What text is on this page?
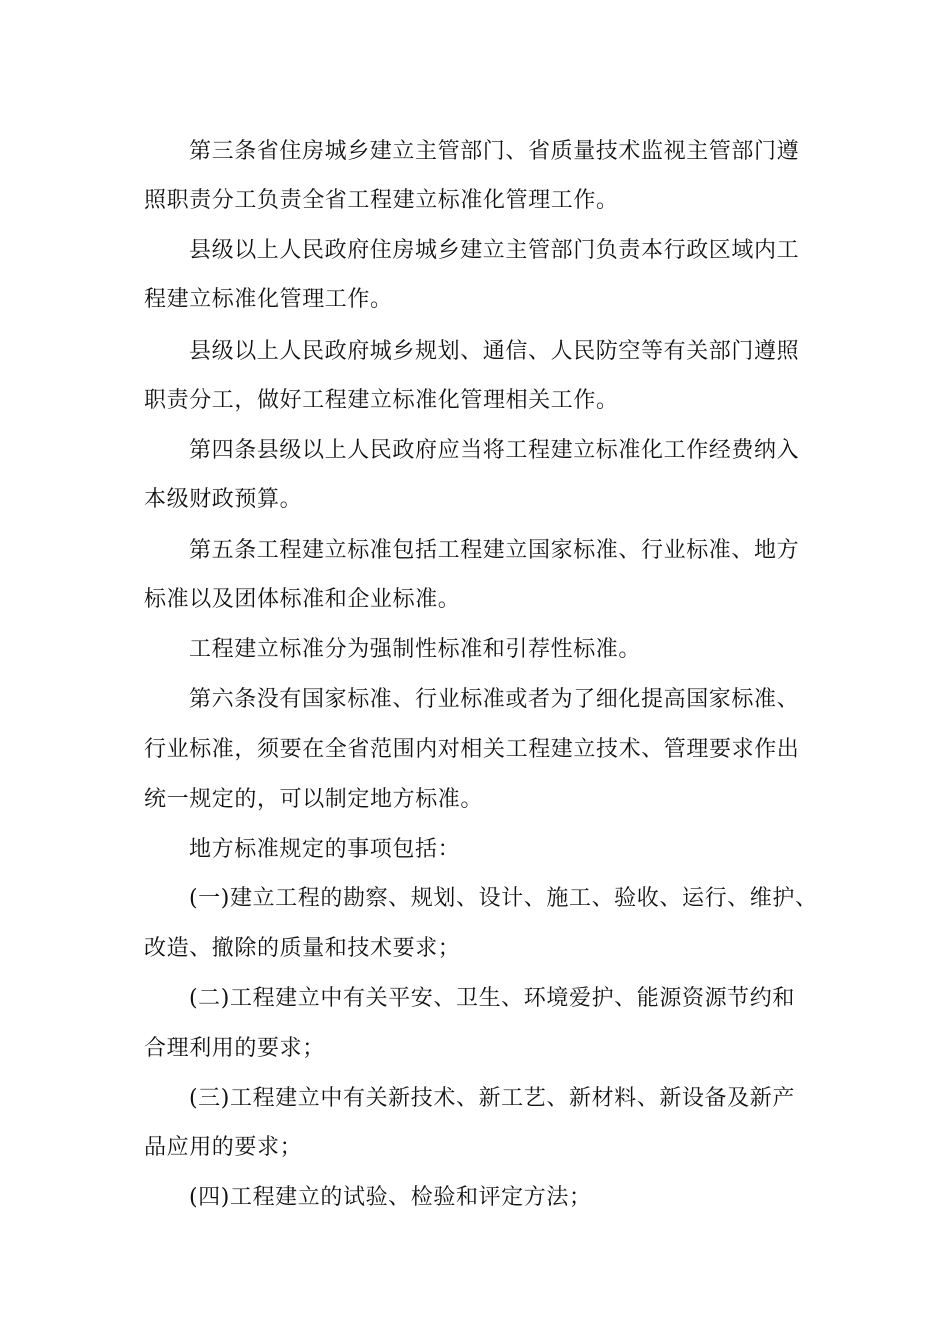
第三条省住房城乡建立主管部门、省质量技术监视主管部门遵
照职责分工负责全省工程建立标准化管理工作。
县级以上人民政府住房城乡建立主管部门负责本行政区域内工
程建立标准化管理工作。
县级以上人民政府城乡规划、通信、人民防空等有关部门遵照
职责分工，做好工程建立标准化管理相关工作。
第四条县级以上人民政府应当将工程建立标准化工作经费纳入
本级财政预算。
第五条工程建立标准包括工程建立国家标准、行业标准、地方
标准以及团体标准和企业标准。
工程建立标准分为强制性标准和引荐性标准。
第六条没有国家标准、行业标准或者为了细化提高国家标准、
行业标准，须要在全省范围内对相关工程建立技术、管理要求作出
统一规定的，可以制定地方标准。
地方标准规定的事项包括：
(一)建立工程的勘察、规划、设计、施工、验收、运行、维护、
改造、撤除的质量和技术要求；
(二)工程建立中有关平安、卫生、环境爱护、能源资源节约和
合理利用的要求；
(三)工程建立中有关新技术、新工艺、新材料、新设备及新产
品应用的要求；
(四)工程建立的试验、检验和评定方法；
